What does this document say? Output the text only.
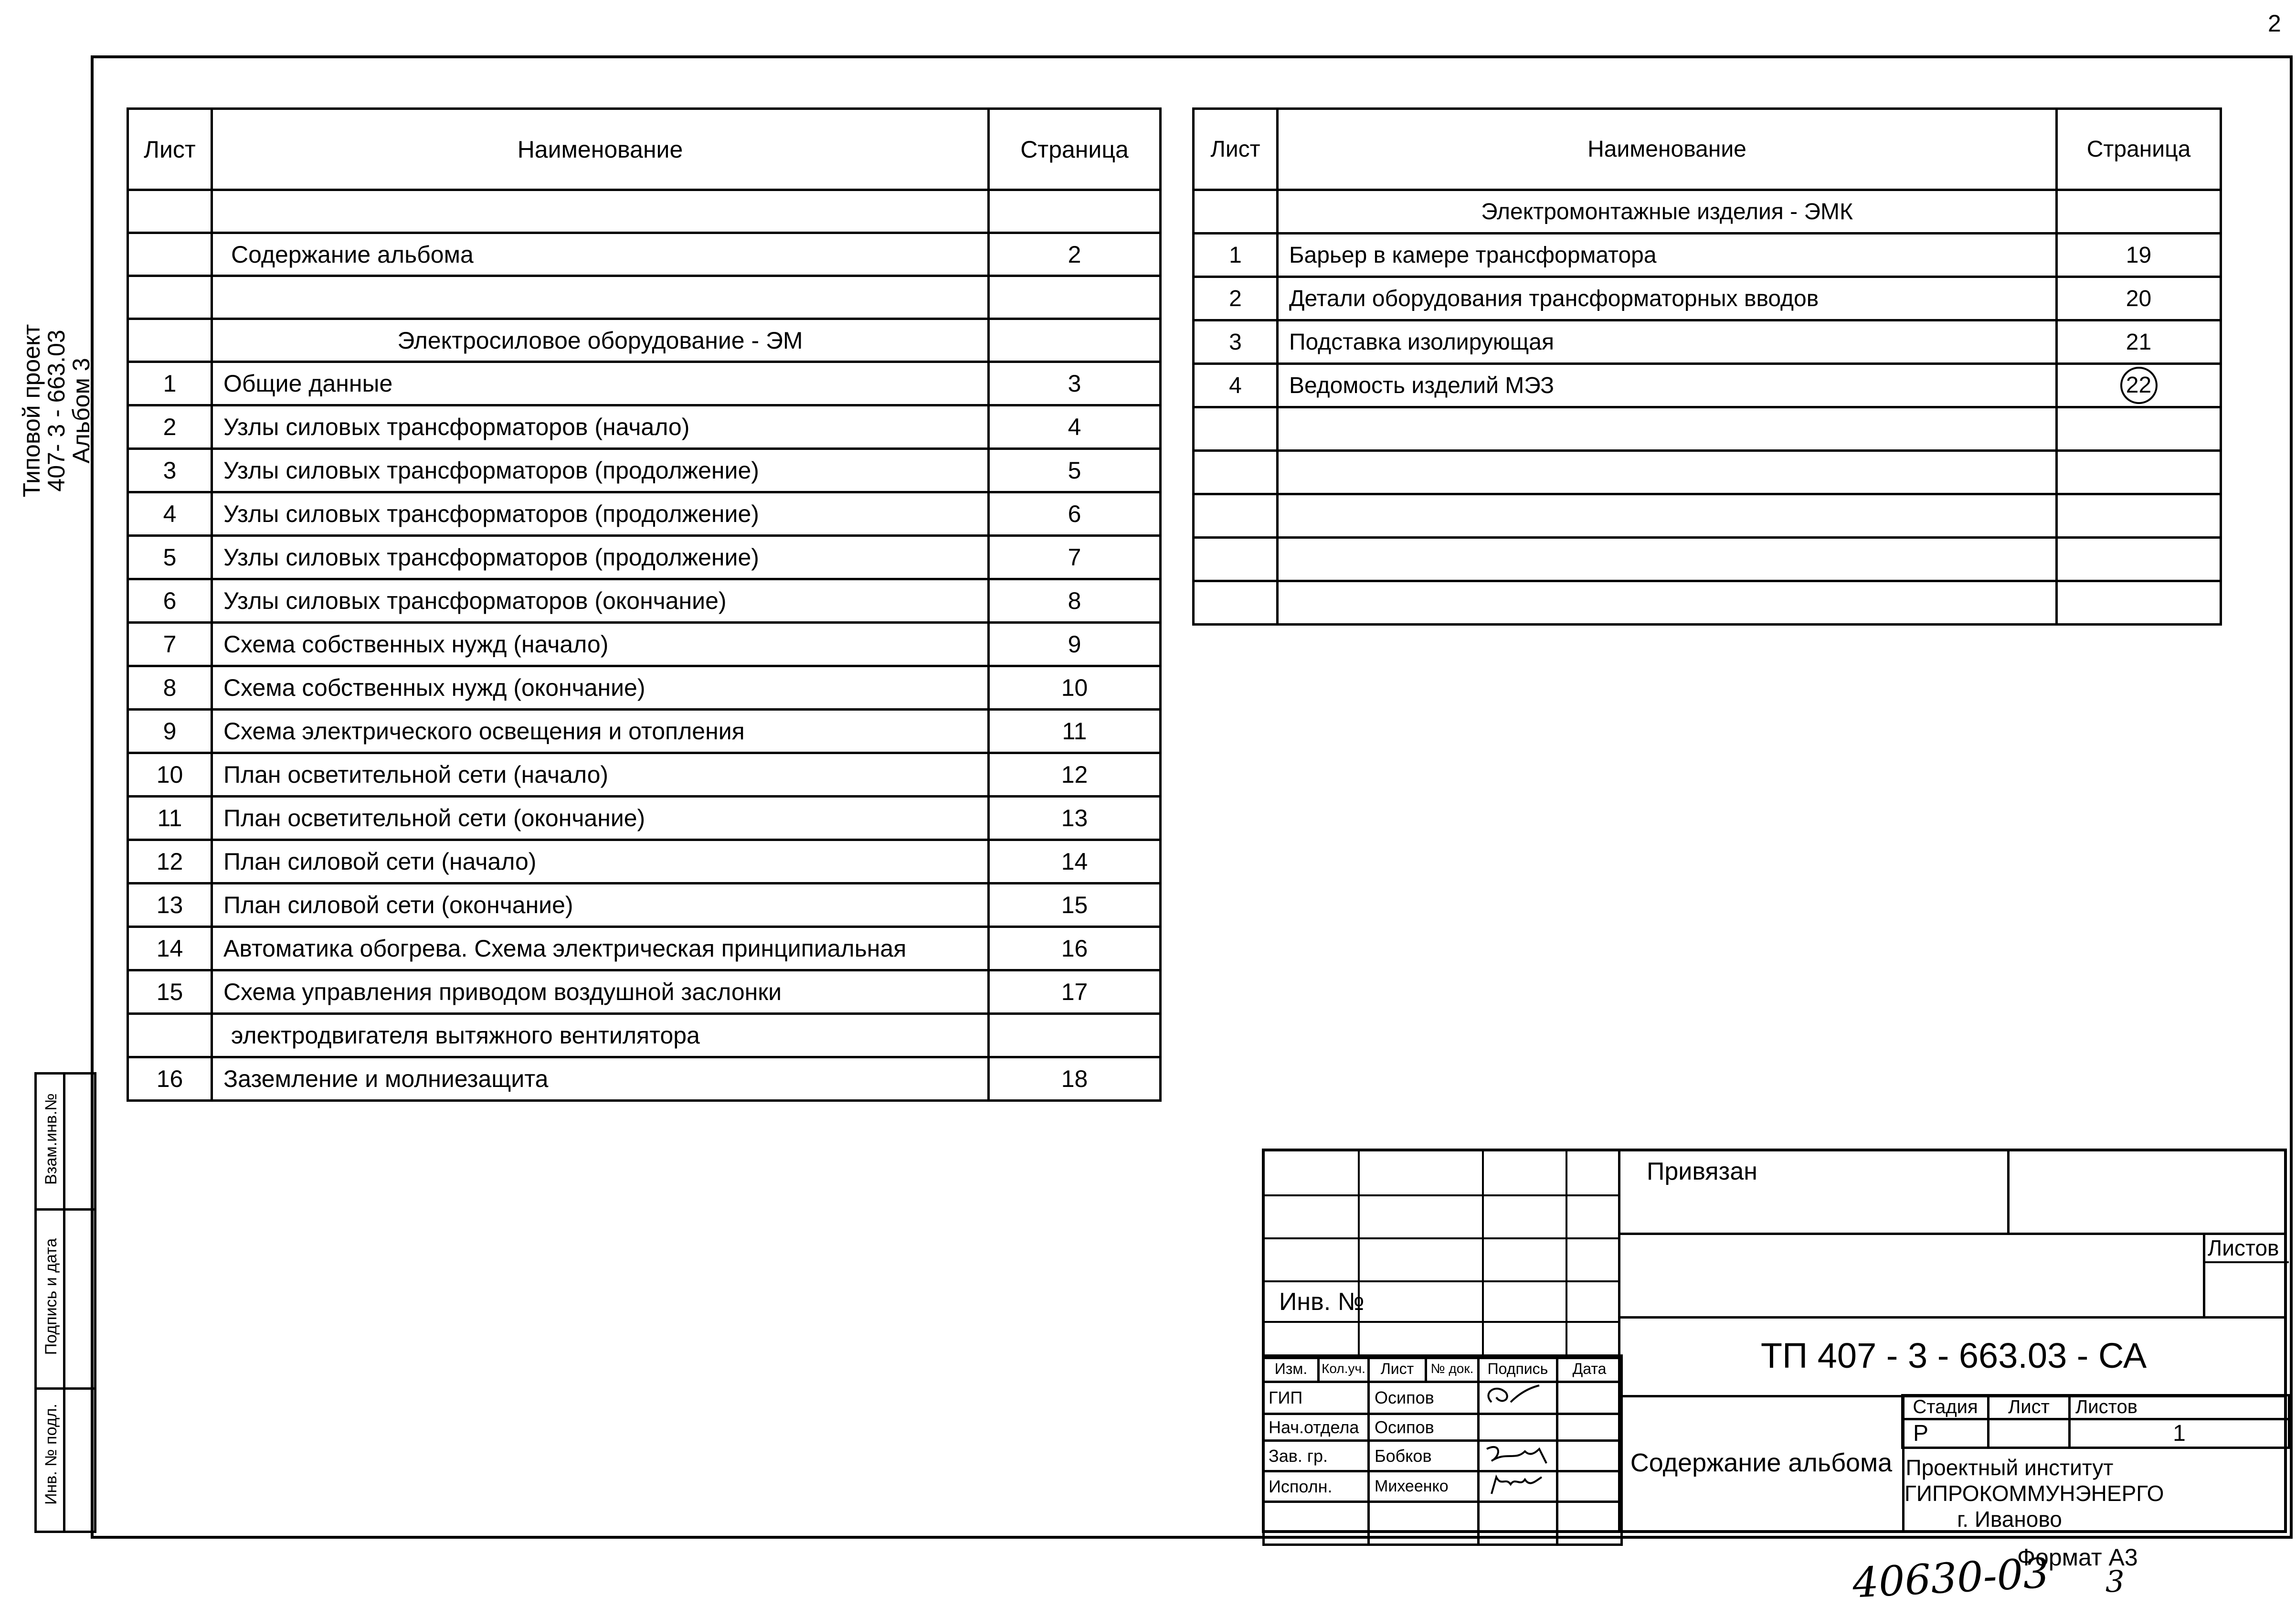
2
Типовой проект
407- 3 - 663.03
Альбом 3
Взам.инв.№
Подпись и дата
Инв. № подл.
Лист	Наименование	Страница

	Содержание альбома	2

	Электросиловое оборудование - ЭМ	
1	Общие данные	3
2	Узлы силовых трансформаторов (начало)	4
3	Узлы силовых трансформаторов (продолжение)	5
4	Узлы силовых трансформаторов (продолжение)	6
5	Узлы силовых трансформаторов (продолжение)	7
6	Узлы силовых трансформаторов (окончание)	8
7	Схема собственных нужд (начало)	9
8	Схема собственных нужд (окончание)	10
9	Схема электрического освещения и отопления	11
10	План осветительной сети (начало)	12
11	План осветительной сети (окончание)	13
12	План силовой сети (начало)	14
13	План силовой сети (окончание)	15
14	Автоматика обогрева. Схема электрическая принципиальная	16
15	Схема управления приводом воздушной заслонки	17
	электродвигателя вытяжного вентилятора	
16	Заземление и молниезащита	18
Лист	Наименование	Страница
	Электромонтажные изделия - ЭМК	
1	Барьер в камере трансформатора	19
2	Детали оборудования трансформаторных вводов	20
3	Подставка изолирующая	21
4	Ведомость изделий МЭЗ	22

Инв. №
Изм.	Кол.уч.	Лист	№ док.	Подпись	Дата
ГИП	Осипов		
Нач.отдела	Осипов		
Зав. гр.	Бобков		
Исполн.	Михеенко		

Привязан
Листов
ТП 407 - 3 - 663.03 - СА
Содержание альбома
Стадия	Лист	Листов
Р		1
Проектный институт
ГИПРОКОММУНЭНЕРГО
г. Иваново
Формат А3
40630-03 3
